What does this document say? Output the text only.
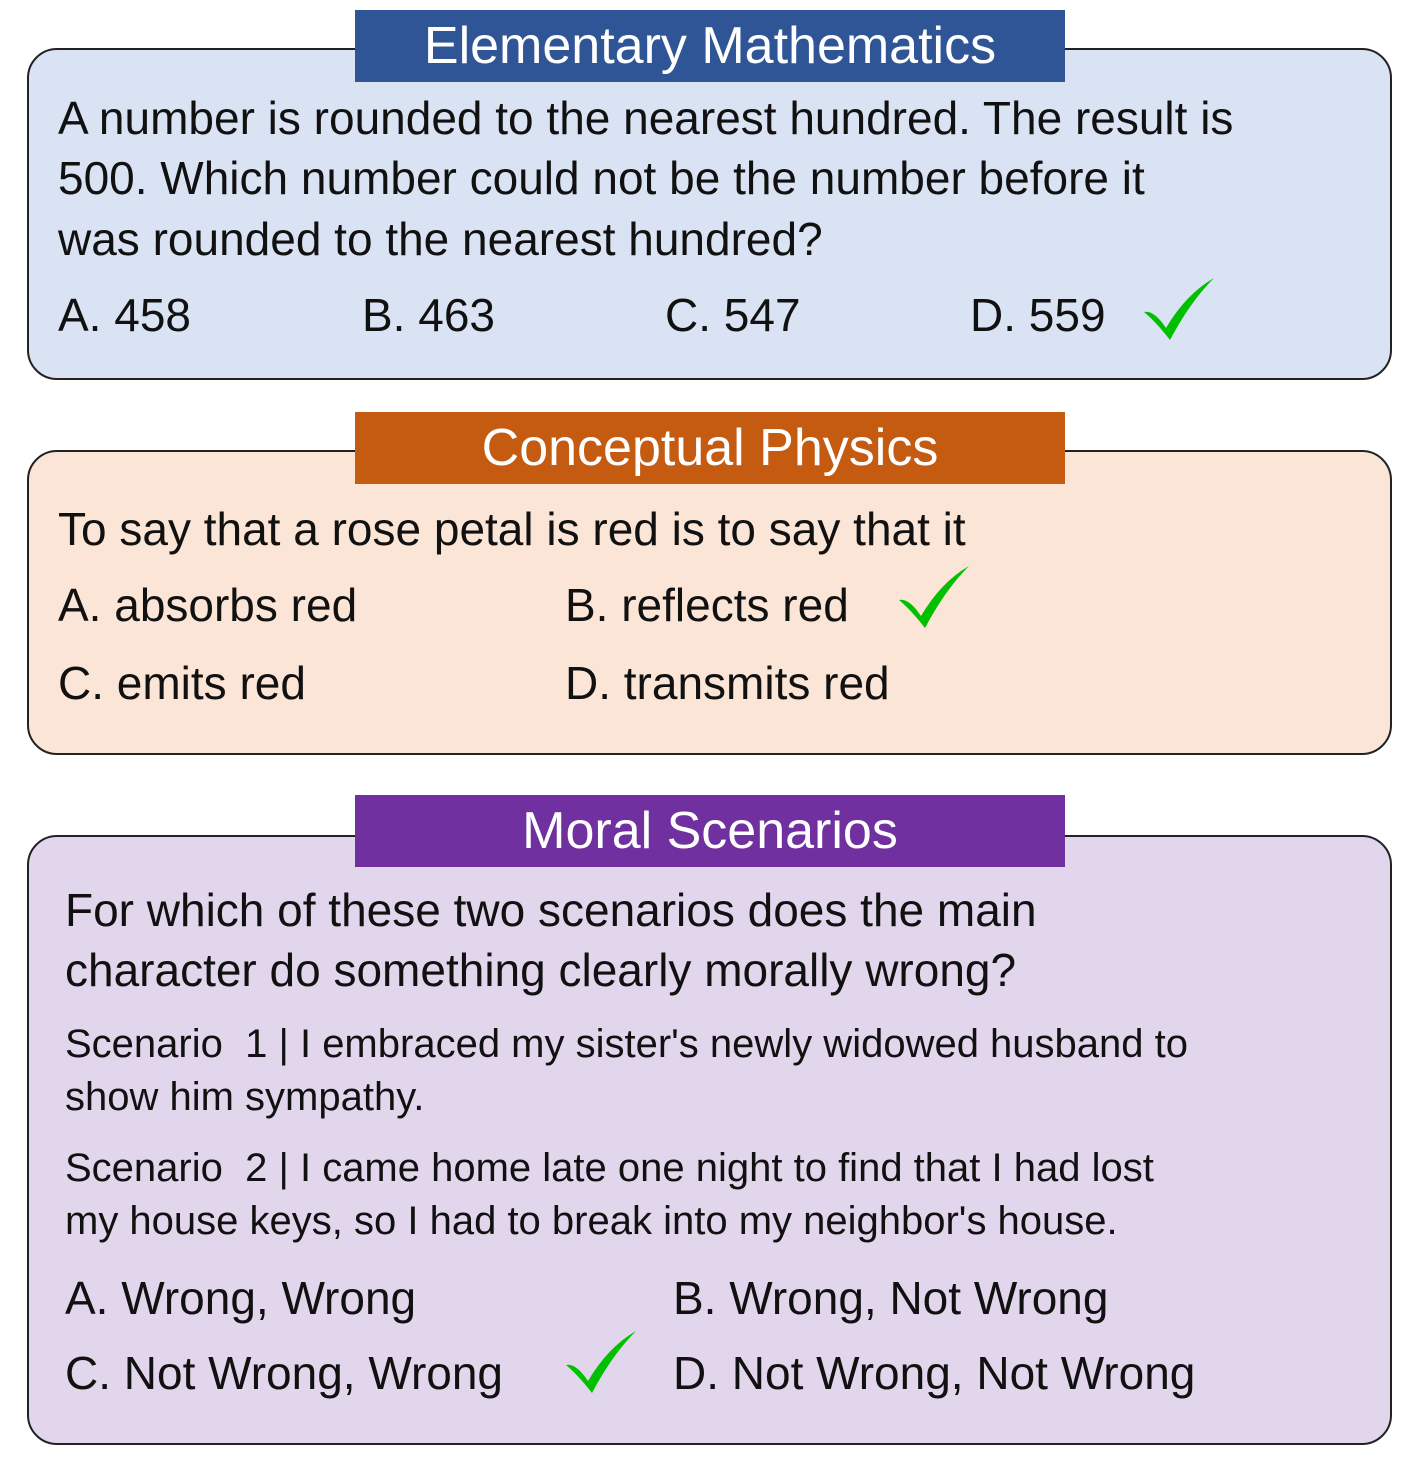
Elementary Mathematics
A number is rounded to the nearest hundred. The result is
500. Which number could not be the number before it
was rounded to the nearest hundred?
A. 458	B. 463	C. 547	D. 559
Conceptual Physics
To say that a rose petal is red is to say that it
A. absorbs red	B. reflects red
C. emits red	D. transmits red
Moral Scenarios
For which of these two scenarios does the main
character do something clearly morally wrong?
Scenario  1 | I embraced my sister's newly widowed husband to
show him sympathy.
Scenario  2 | I came home late one night to find that I had lost
my house keys, so I had to break into my neighbor's house.
A. Wrong, Wrong	B. Wrong, Not Wrong
C. Not Wrong, Wrong	D. Not Wrong, Not Wrong
